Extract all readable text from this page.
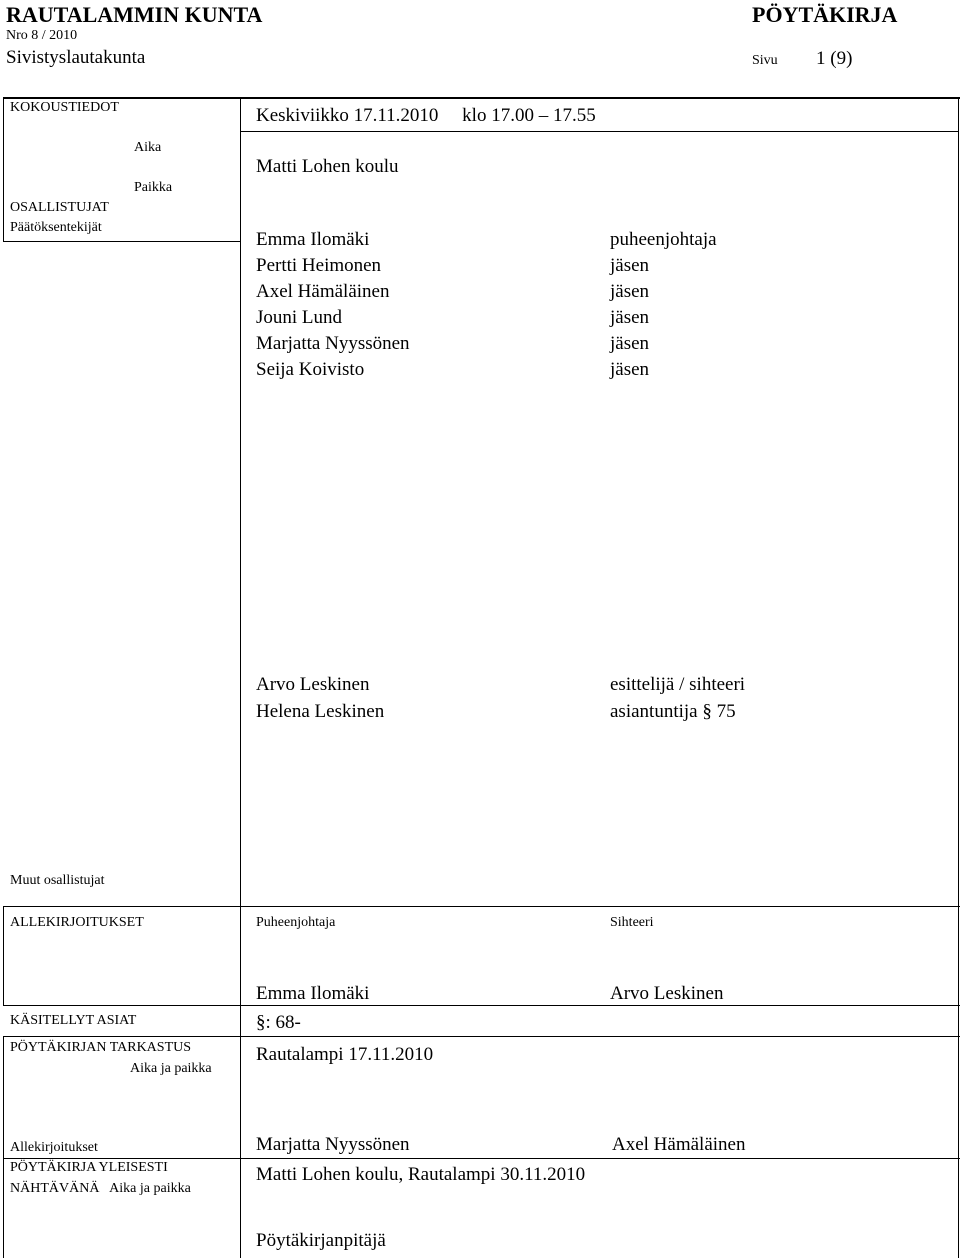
RAUTALAMMIN KUNTA	PÖYTÄKIRJA
Nro 8 / 2010
Sivistyslautakunta	Sivu 1 (9)
KOKOUSTIEDOT
Aika
Keskiviikko 17.11.2010     klo 17.00 – 17.55
Paikka
Matti Lohen koulu
OSALLISTUJAT
Päätöksentekijät
Emma Ilomäki	puheenjohtaja
Pertti Heimonen	jäsen
Axel Hämäläinen	jäsen
Jouni Lund	jäsen
Marjatta Nyyssönen	jäsen
Seija Koivisto	jäsen
Arvo Leskinen	esittelijä / sihteeri
Helena Leskinen	asiantuntija § 75
Muut osallistujat
ALLEKIRJOITUKSET	Puheenjohtaja	Sihteeri
Emma Ilomäki	Arvo Leskinen
KÄSITELLYT ASIAT	§: 68-
PÖYTÄKIRJAN TARKASTUS
Aika ja paikka
Rautalampi 17.11.2010
Allekirjoitukset	Marjatta Nyyssönen	Axel Hämäläinen
PÖYTÄKIRJA YLEISESTI
NÄHTÄVÄNÄ   Aika ja paikka
Matti Lohen koulu, Rautalampi 30.11.2010
Pöytäkirjanpitäjä
